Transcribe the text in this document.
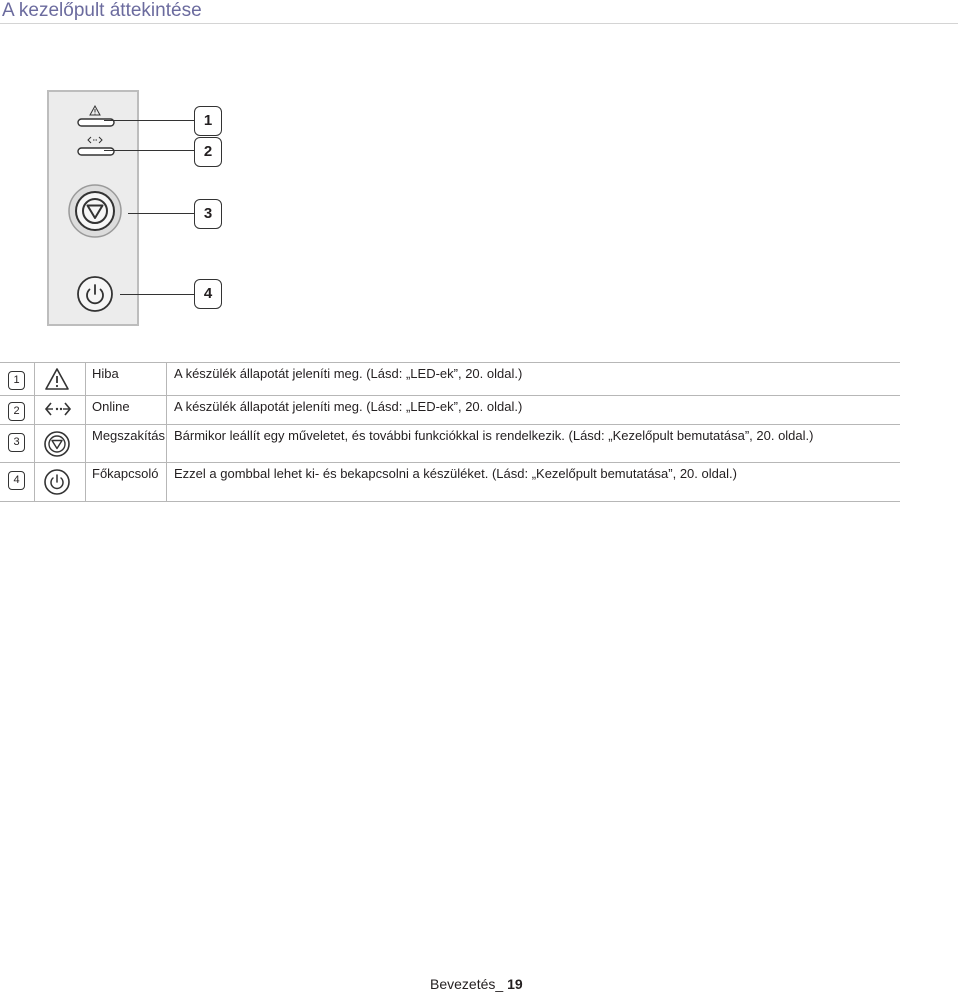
A kezelőpult áttekintése
1
2
3
4
1		Hiba	A készülék állapotát jeleníti meg. (Lásd: „LED-ek”, 20. oldal.)

2		Online	A készülék állapotát jeleníti meg. (Lásd: „LED-ek”, 20. oldal.)

3		Megszakítás	Bármikor leállít egy műveletet, és további funkciókkal is rendelkezik. (Lásd: „Kezelőpult bemutatása”, 20. oldal.)

4		Főkapcsoló	Ezzel a gombbal lehet ki- és bekapcsolni a készüléket. (Lásd: „Kezelőpult bemutatása”, 20. oldal.)
Bevezetés_ 19
